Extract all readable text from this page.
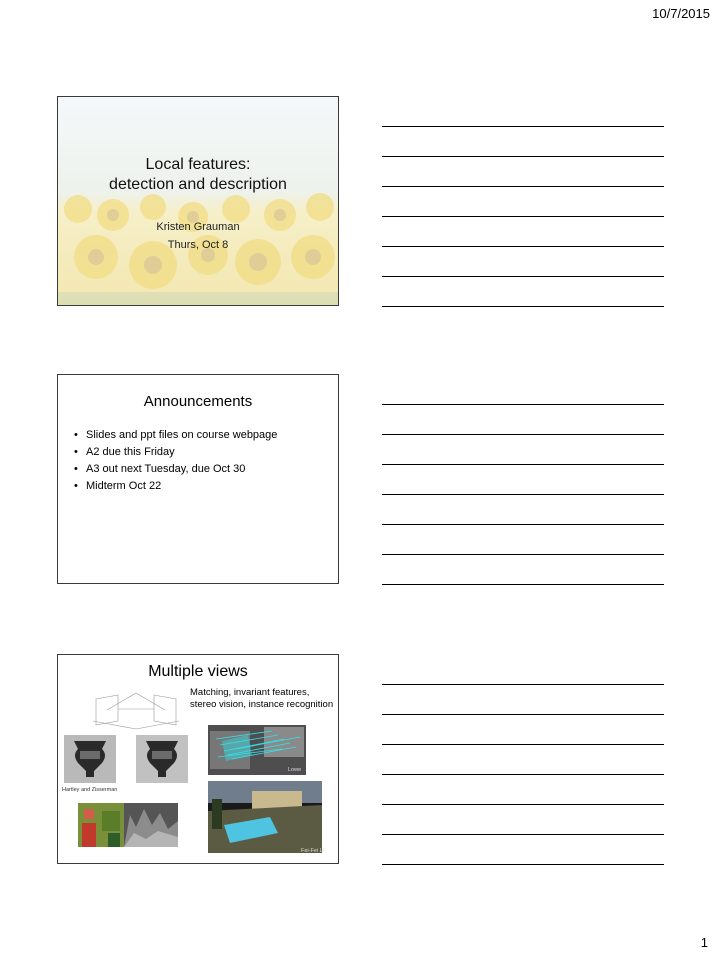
10/7/2015
Local features:
detection and description
Kristen Grauman
Thurs, Oct 8
Announcements
• Slides and ppt files on course webpage
• A2 due this Friday
• A3 out next Tuesday, due Oct 30
• Midterm Oct 22
Multiple views
Matching, invariant features, stereo vision, instance recognition
Hartley and Zisserman
Lowe
Fei-Fei Li
1
